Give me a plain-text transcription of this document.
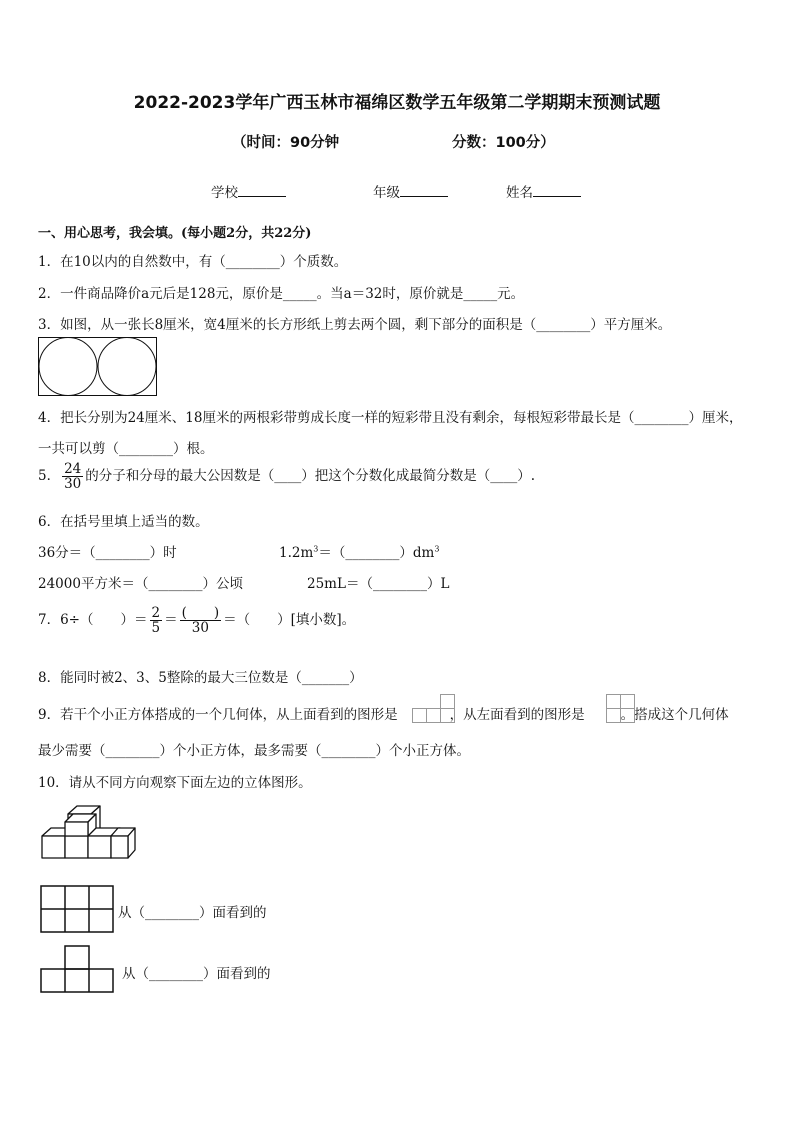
2022-2023学年广西玉林市福绵区数学五年级第二学期期末预测试题
（时间：90分钟	分数：100分）
学校	年级	姓名
一、用心思考，我会填。(每小题2分，共22分)
1．在10以内的自然数中，有（________）个质数。
2．一件商品降价a元后是128元，原价是_____。当a＝32时，原价就是_____元。
3．如图，从一张长8厘米，宽4厘米的长方形纸上剪去两个圆，剩下部分的面积是（________）平方厘米。
4．把长分别为24厘米、18厘米的两根彩带剪成长度一样的短彩带且没有剩余，每根短彩带最长是（________）厘米，
一共可以剪（________）根。
5． $\frac{24}{30}$ 的分子和分母的最大公因数是（____）把这个分数化成最简分数是（____）.
6．在括号里填上适当的数。
36分＝（________）时	$1.2m^3=(\_\_\_\_\_\_\_\_)dm^3$
24000平方米＝（________）公顷	25mL＝（________）L
7．6÷（　　）＝ $\frac{2}{5} = \frac{( )}{30}$ ＝（　　）[填小数]。
8．能同时被2、3、5整除的最大三位数是（_______）
9．若干个小正方体搭成的一个几何体，从上面看到的图形是	，从左面看到的图形是	。搭成这个几何体
最少需要（________）个小正方体，最多需要（________）个小正方体。
10．请从不同方向观察下面左边的立体图形。
从（________）面看到的
从（________）面看到的
